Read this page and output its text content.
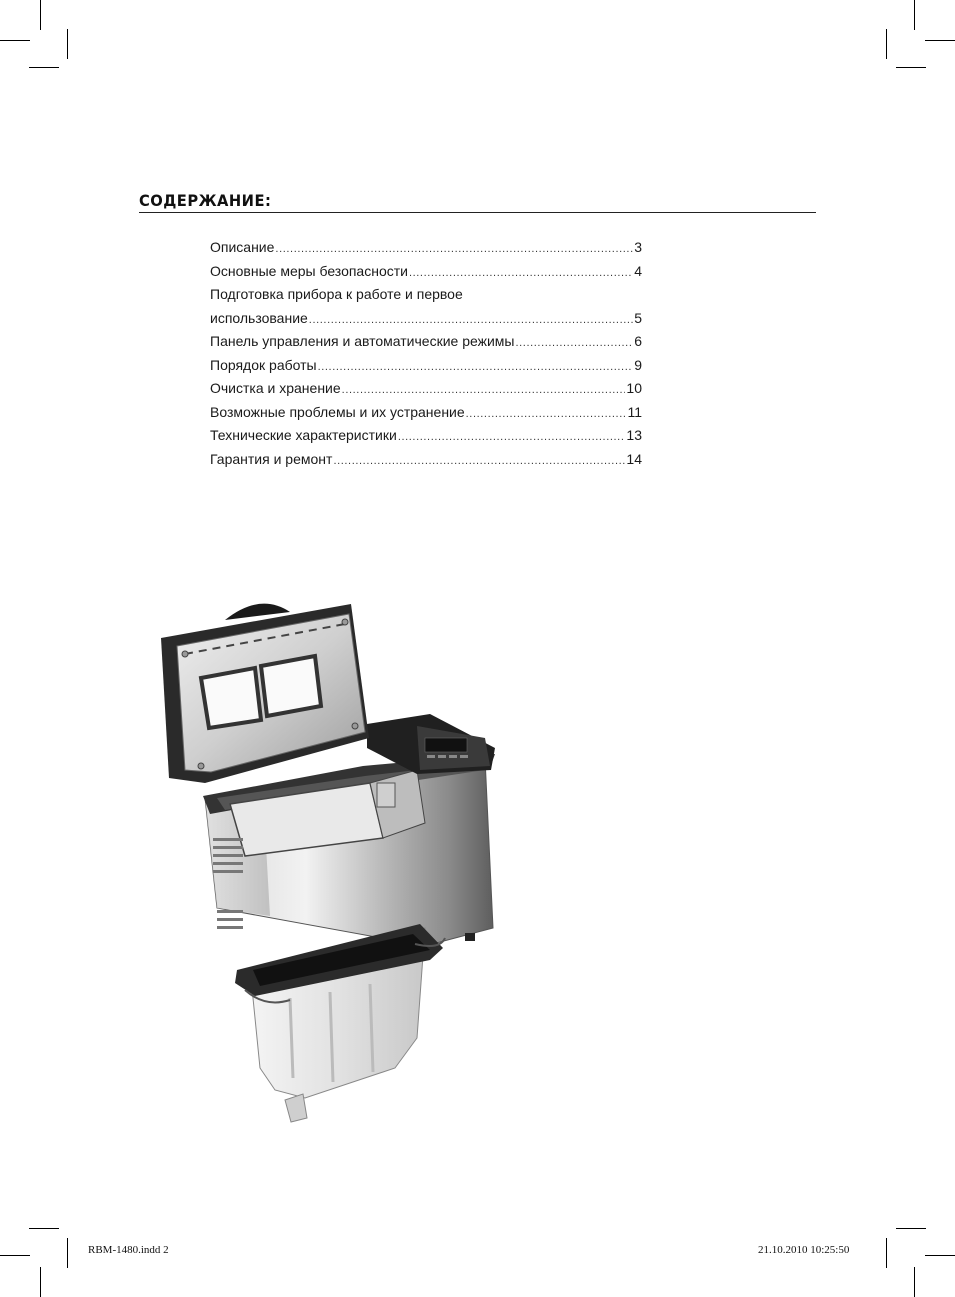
СОДЕРЖАНИЕ:
Описание .....	3
Основные меры безопасности .....	4
Подготовка прибора к работе и первое
использование .....	5
Панель управления и автоматические режимы .....	6
Порядок работы .....	9
Очистка и хранение .....	10
Возможные проблемы и их устранение .....	11
Технические характеристики .....	13
Гарантия и ремонт .....	14
RBM-1480.indd 2	21.10.2010 10:25:50
